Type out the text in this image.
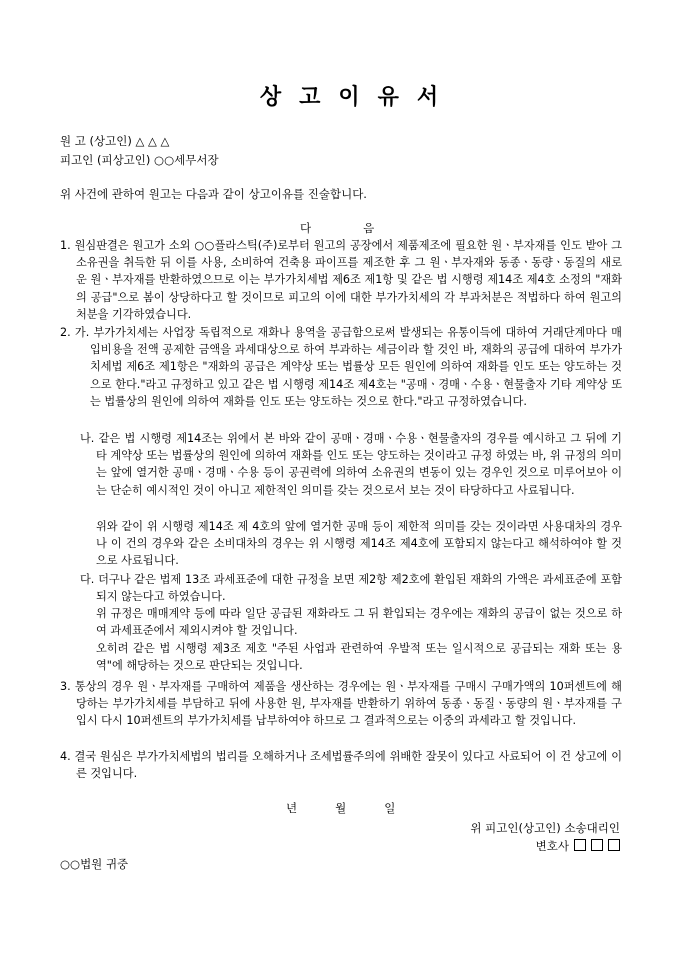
상고이유서
원 고 (상고인) △ △ △
피고인 (피상고인) ○○세무서장
위 사건에 관하여 원고는 다음과 같이 상고이유를 진술합니다.
다음
1. 원심판결은 원고가 소외 ○○플라스틱(주)로부터 원고의 공장에서 제품제조에 필요한 원ㆍ부자재를 인도 받아 그 소유권을 취득한 뒤 이를 사용, 소비하여 건축용 파이프를 제조한 후 그 원ㆍ부자재와 동종ㆍ동량ㆍ동질의 새로운 원ㆍ부자재를 반환하였으므로 이는 부가가치세법 제6조 제1항 및 같은 법 시행령 제14조 제4호 소정의 "재화의 공급"으로 봄이 상당하다고 할 것이므로 피고의 이에 대한 부가가치세의 각 부과처분은 적법하다 하여 원고의 처분을 기각하였습니다.
2. 가. 부가가치세는 사업장 독립적으로 재화나 용역을 공급함으로써 발생되는 유통이득에 대하여 거래단계마다 매입비용을 전액 공제한 금액을 과세대상으로 하여 부과하는 세금이라 할 것인 바, 재화의 공급에 대하여 부가가치세법 제6조 제1항은 "재화의 공급은 계약상 또는 법률상 모든 원인에 의하여 재화를 인도 또는 양도하는 것으로 한다."라고 규정하고 있고 같은 법 시행령 제14조 제4호는 "공매ㆍ경매ㆍ수용ㆍ현물출자 기타 계약상 또는 법률상의 원인에 의하여 재화를 인도 또는 양도하는 것으로 한다."라고 규정하였습니다.
나. 같은 법 시행령 제14조는 위에서 본 바와 같이 공매ㆍ경매ㆍ수용ㆍ현물출자의 경우를 예시하고 그 뒤에 기타 계약상 또는 법률상의 원인에 의하여 재화를 인도 또는 양도하는 것이라고 규정 하였는 바, 위 규정의 의미는 앞에 열거한 공매ㆍ경매ㆍ수용 등이 공권력에 의하여 소유권의 변동이 있는 경우인 것으로 미루어보아 이는 단순히 예시적인 것이 아니고 제한적인 의미를 갖는 것으로서 보는 것이 타당하다고 사료됩니다.
위와 같이 위 시행령 제14조 제 4호의 앞에 열거한 공매 등이 제한적 의미를 갖는 것이라면 사용대차의 경우나 이 건의 경우와 같은 소비대차의 경우는 위 시행령 제14조 제4호에 포함되지 않는다고 해석하여야 할 것으로 사료됩니다.
다. 더구나 같은 법제 13조 과세표준에 대한 규정을 보면 제2항 제2호에 환입된 재화의 가액은 과세표준에 포함되지 않는다고 하였습니다.
위 규정은 매매계약 등에 따라 일단 공급된 재화라도 그 뒤 환입되는 경우에는 재화의 공급이 없는 것으로 하여 과세표준에서 제외시켜야 할 것입니다.
오히려 같은 법 시행령 제3조 제호 "주된 사업과 관련하여 우발적 또는 일시적으로 공급되는 재화 또는 용역"에 해당하는 것으로 판단되는 것입니다.
3. 통상의 경우 원ㆍ부자재를 구매하여 제품을 생산하는 경우에는 원ㆍ부자재를 구매시 구매가액의 10퍼센트에 해당하는 부가가치세를 부담하고 뒤에 사용한 원, 부자재를 반환하기 위하여 동종ㆍ동질ㆍ동량의 원ㆍ부자재를 구입시 다시 10퍼센트의 부가가치세를 납부하여야 하므로 그 결과적으로는 이중의 과세라고 할 것입니다.
4. 결국 원심은 부가가치세법의 법리를 오해하거나 조세법률주의에 위배한 잘못이 있다고 사료되어 이 건 상고에 이른 것입니다.
년	월	일
위 피고인(상고인) 소송대리인
변호사
○○법원 귀중
